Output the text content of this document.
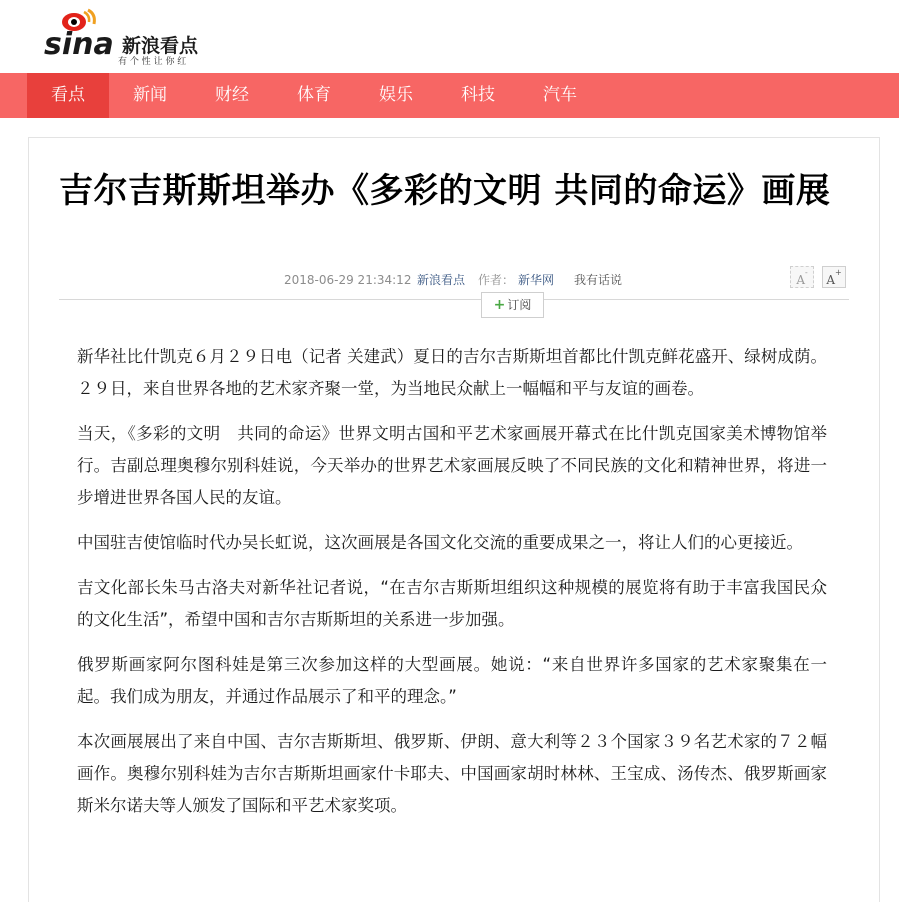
sina 新浪看点
有 个 性 让 你 红
看点	新闻	财经	体育	娱乐	科技	汽车
吉尔吉斯斯坦举办《多彩的文明 共同的命运》画展
2018-06-29 21:34:12 新浪看点 作者： 新华网 我有话说	A-
A+
+ 订阅

新华社比什凯克６月２９日电（记者 关建武）夏日的吉尔吉斯斯坦首都比什凯克鲜花盛开、绿树成荫。２９日，来自世界各地的艺术家齐聚一堂，为当地民众献上一幅幅和平与友谊的画卷。

当天，《多彩的文明　共同的命运》世界文明古国和平艺术家画展开幕式在比什凯克国家美术博物馆举行。吉副总理奥穆尔别科娃说，今天举办的世界艺术家画展反映了不同民族的文化和精神世界，将进一步增进世界各国人民的友谊。

中国驻吉使馆临时代办吴长虹说，这次画展是各国文化交流的重要成果之一，将让人们的心更接近。

吉文化部长朱马古洛夫对新华社记者说，“在吉尔吉斯斯坦组织这种规模的展览将有助于丰富我国民众的文化生活”，希望中国和吉尔吉斯斯坦的关系进一步加强。

俄罗斯画家阿尔图科娃是第三次参加这样的大型画展。她说：“来自世界许多国家的艺术家聚集在一起。我们成为朋友，并通过作品展示了和平的理念。”

本次画展展出了来自中国、吉尔吉斯斯坦、俄罗斯、伊朗、意大利等２３个国家３９名艺术家的７２幅画作。奥穆尔别科娃为吉尔吉斯斯坦画家什卡耶夫、中国画家胡时林林、王宝成、汤传杰、俄罗斯画家斯米尔诺夫等人颁发了国际和平艺术家奖项。
